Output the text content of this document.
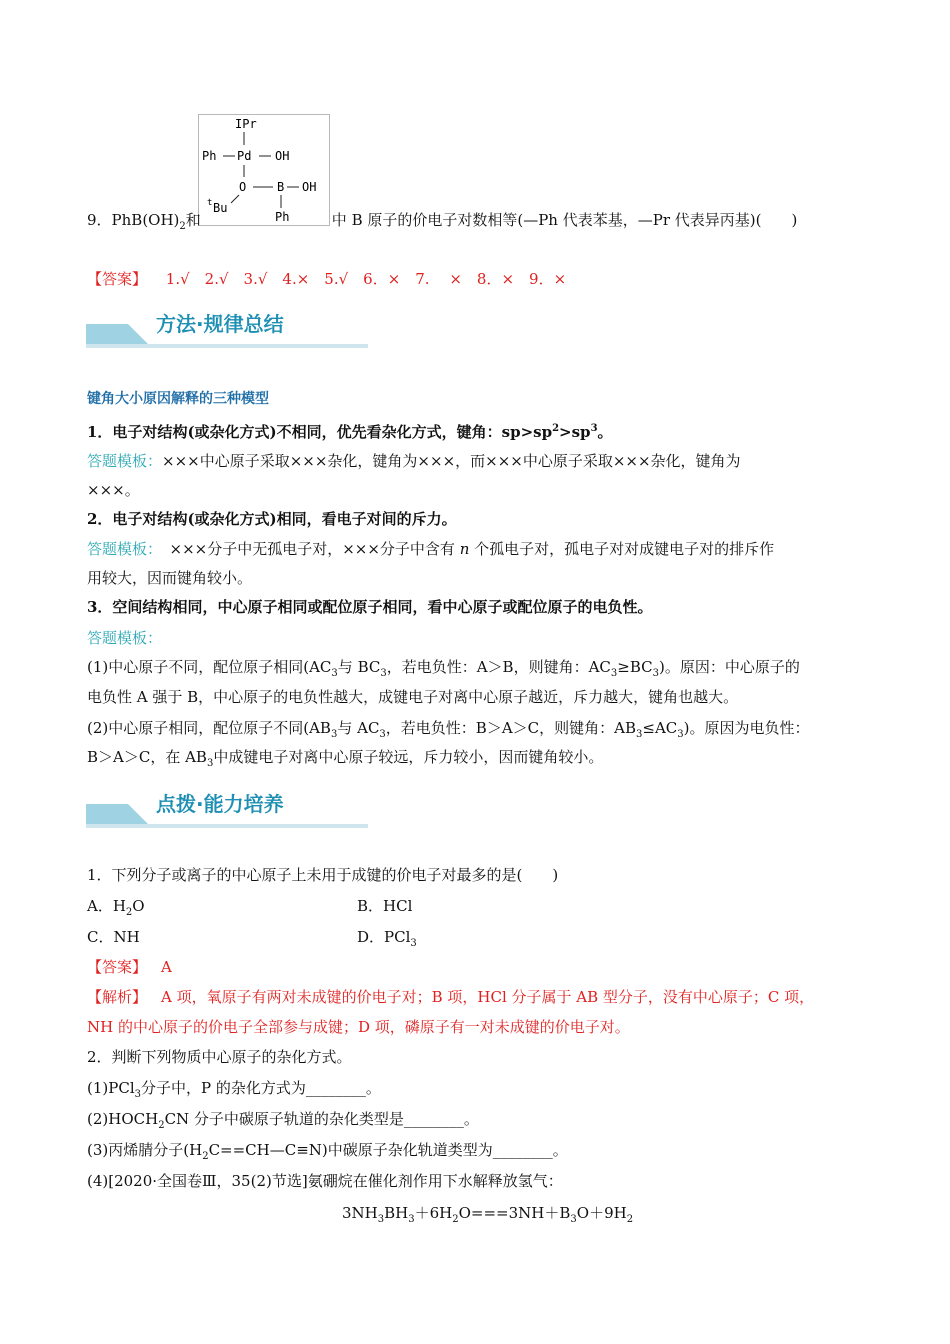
IPr
Ph Pd OH
O	B OH
t Bu
Ph
9．$PhB(OH)_2$和	中 B 原子的价电子对数相等(—Ph 代表苯基，—Pr 代表异丙基)(　　)
【答案】 1.√　2.√　3.√　4.×　5.√　6．×　7.　 ×　8．×　9．×
方法·规律总结
键角大小原因解释的三种模型
1．电子对结构(或杂化方式)不相同，优先看杂化方式，键角：$sp>sp^2>sp^3$。
答题模板：×××中心原子采取×××杂化，键角为×××，而×××中心原子采取×××杂化，键角为
×××。
2．电子对结构(或杂化方式)相同，看电子对间的斥力。
答题模板：　×××分子中无孤电子对，×××分子中含有 n 个孤电子对，孤电子对对成键电子对的排斥作
用较大，因而键角较小。
3．空间结构相同，中心原子相同或配位原子相同，看中心原子或配位原子的电负性。
答题模板：
(1)中心原子不同，配位原子相同($AC_3$与 $BC_3$，若电负性：A＞B，则键角：$AC_3\ge BC_3$)。原因：中心原子的
电负性 A 强于 B，中心原子的电负性越大，成键电子对离中心原子越近，斥力越大，键角也越大。
(2)中心原子相同，配位原子不同($AB_3$与 $AC_3$，若电负性：B＞A＞C，则键角：$AB_3\le AC_3$)。原因为电负性：
B＞A＞C，在 $AB_3$中成键电子对离中心原子较远，斥力较小，因而键角较小。
点拨·能力培养
1．下列分子或离子的中心原子上未用于成键的价电子对最多的是(　　)
A．$H_2O$	B．HCl
C．NH	D．PCl$_3$
【答案】 A
【解析】 A 项，氧原子有两对未成键的价电子对；B 项，HCl 分子属于 AB 型分子，没有中心原子；C 项，
NH 的中心原子的价电子全部参与成键；D 项，磷原子有一对未成键的价电子对。
2．判断下列物质中心原子的杂化方式。
(1)PCl$_3$分子中，P 的杂化方式为________。
$(2)HOCH_2CN$ 分子中碳原子轨道的杂化类型是________。
(3)丙烯腈分子$(H_2C==CH—C\equiv N)$中碳原子杂化轨道类型为________。
(4)[2020·全国卷Ⅲ，35(2)节选]氨硼烷在催化剂作用下水解释放氢气：
$3NH_3BH_3+6H_2O===3NH+B_3O+9H_2$
